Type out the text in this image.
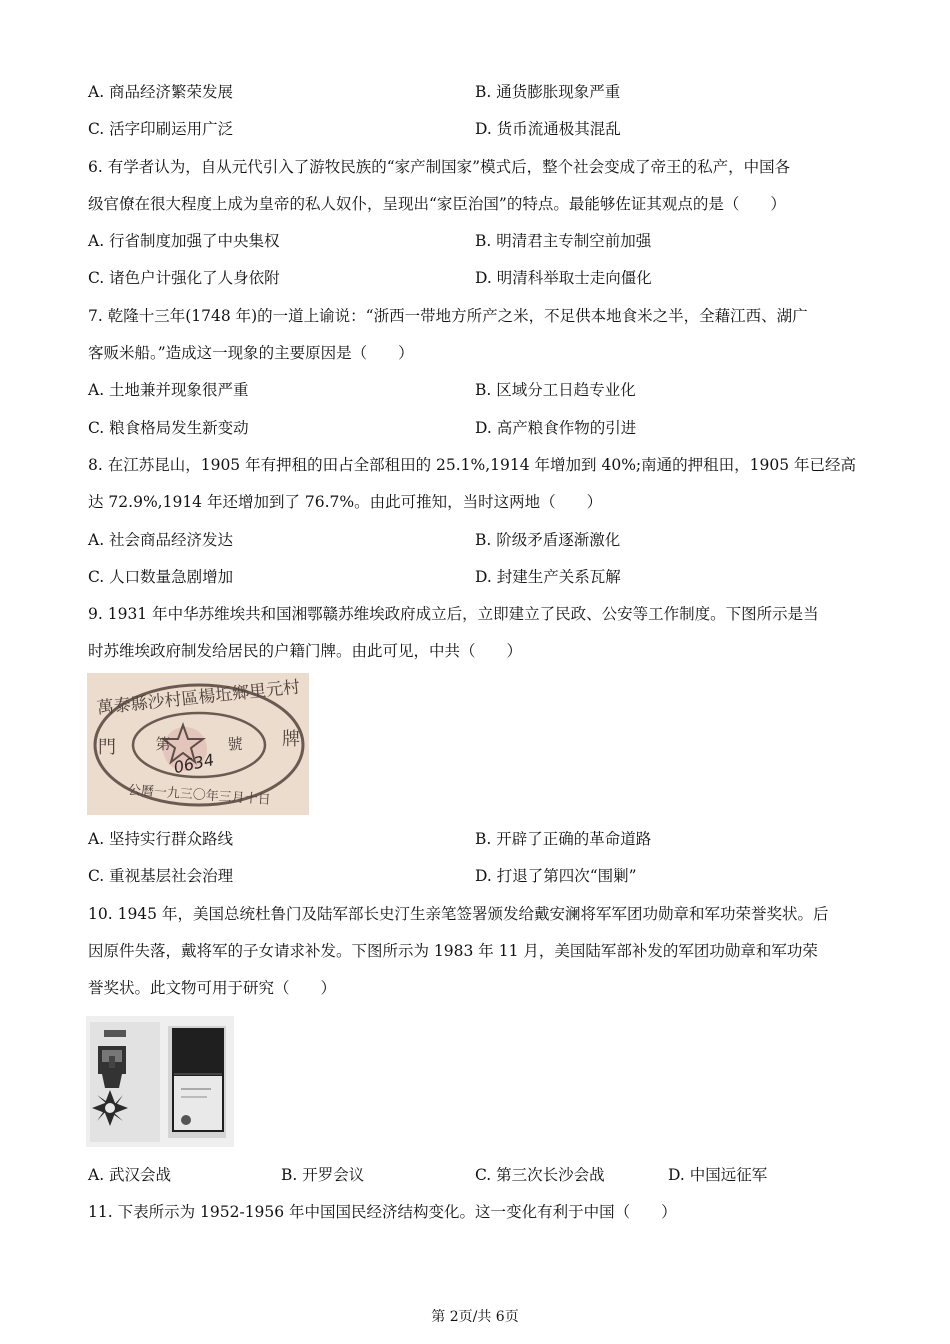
A. 商品经济繁荣发展	B. 通货膨胀现象严重
C. 活字印刷运用广泛	D. 货币流通极其混乱
6. 有学者认为，自从元代引入了游牧民族的“家产制国家”模式后，整个社会变成了帝王的私产，中国各
级官僚在很大程度上成为皇帝的私人奴仆，呈现出“家臣治国”的特点。最能够佐证其观点的是（　　）
A. 行省制度加强了中央集权	B. 明清君主专制空前加强
C. 诸色户计强化了人身依附	D. 明清科举取士走向僵化
7. 乾隆十三年(1748 年)的一道上谕说：“浙西一带地方所产之米，不足供本地食米之半，全藉江西、湖广
客贩米船。”造成这一现象的主要原因是（　　）
A. 土地兼并现象很严重	B. 区域分工日趋专业化
C. 粮食格局发生新变动	D. 高产粮食作物的引进
8. 在江苏昆山，1905 年有押租的田占全部租田的 25.1%,1914 年增加到 40%;南通的押租田，1905 年已经高
达 72.9%,1914 年还增加到了 76.7%。由此可推知，当时这两地（　　）
A. 社会商品经济发达	B. 阶级矛盾逐渐激化
C. 人口数量急剧增加	D. 封建生产关系瓦解
9. 1931 年中华苏维埃共和国湘鄂赣苏维埃政府成立后，立即建立了民政、公安等工作制度。下图所示是当
时苏维埃政府制发给居民的户籍门牌。由此可见，中共（　　）
萬泰縣沙村區楊坵鄉里元村
門	牌
第	號
0634
公曆一九三〇年三月十日
A. 坚持实行群众路线	B. 开辟了正确的革命道路
C. 重视基层社会治理	D. 打退了第四次“围剿”
10. 1945 年，美国总统杜鲁门及陆军部长史汀生亲笔签署颁发给戴安澜将军军团功勋章和军功荣誉奖状。后
因原件失落，戴将军的子女请求补发。下图所示为 1983 年 11 月，美国陆军部补发的军团功勋章和军功荣
誉奖状。此文物可用于研究（　　）
A. 武汉会战	B. 开罗会议	C. 第三次长沙会战	D. 中国远征军
11. 下表所示为 1952-1956 年中国国民经济结构变化。这一变化有利于中国（　　）
第 2页/共 6页
